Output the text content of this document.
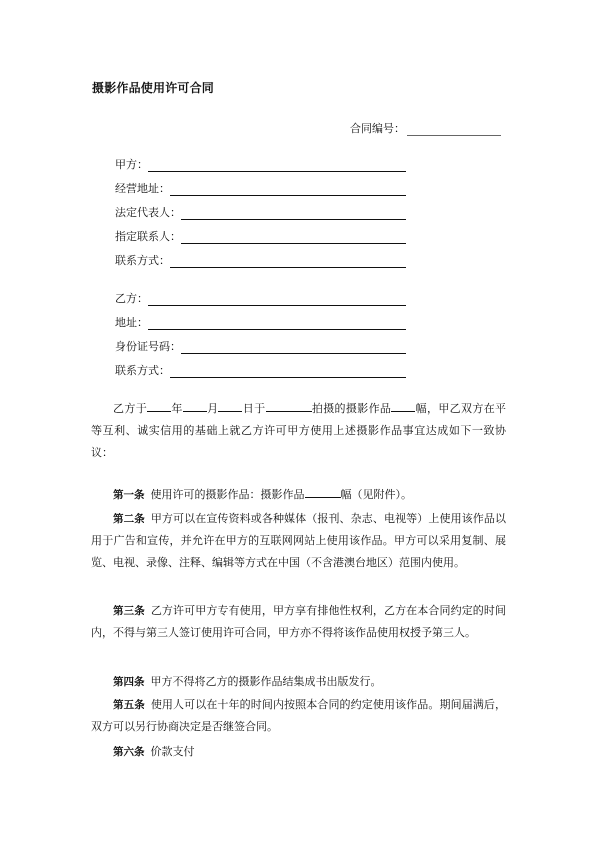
摄影作品使用许可合同
合同编号：
甲方：
经营地址：
法定代表人：
指定联系人：
联系方式：
乙方：
地址：
身份证号码：
联系方式：

乙方于 年 月 日于	拍摄的摄影作品 幅，甲乙双方在平等互利、诚实信用的基础上就乙方许可甲方使用上述摄影作品事宜达成如下一致协议：

第一条 使用许可的摄影作品：摄影作品	幅（见附件）。

第二条 甲方可以在宣传资料或各种媒体（报刊、杂志、电视等）上使用该作品以用于广告和宣传，并允许在甲方的互联网网站上使用该作品。甲方可以采用复制、展览、电视、录像、注释、编辑等方式在中国（不含港澳台地区）范围内使用。

第三条 乙方许可甲方专有使用，甲方享有排他性权利，乙方在本合同约定的时间内，不得与第三人签订使用许可合同，甲方亦不得将该作品使用权授予第三人。

第四条 甲方不得将乙方的摄影作品结集成书出版发行。

第五条 使用人可以在十年的时间内按照本合同的约定使用该作品。期间届满后，双方可以另行协商决定是否继签合同。

第六条 价款支付
